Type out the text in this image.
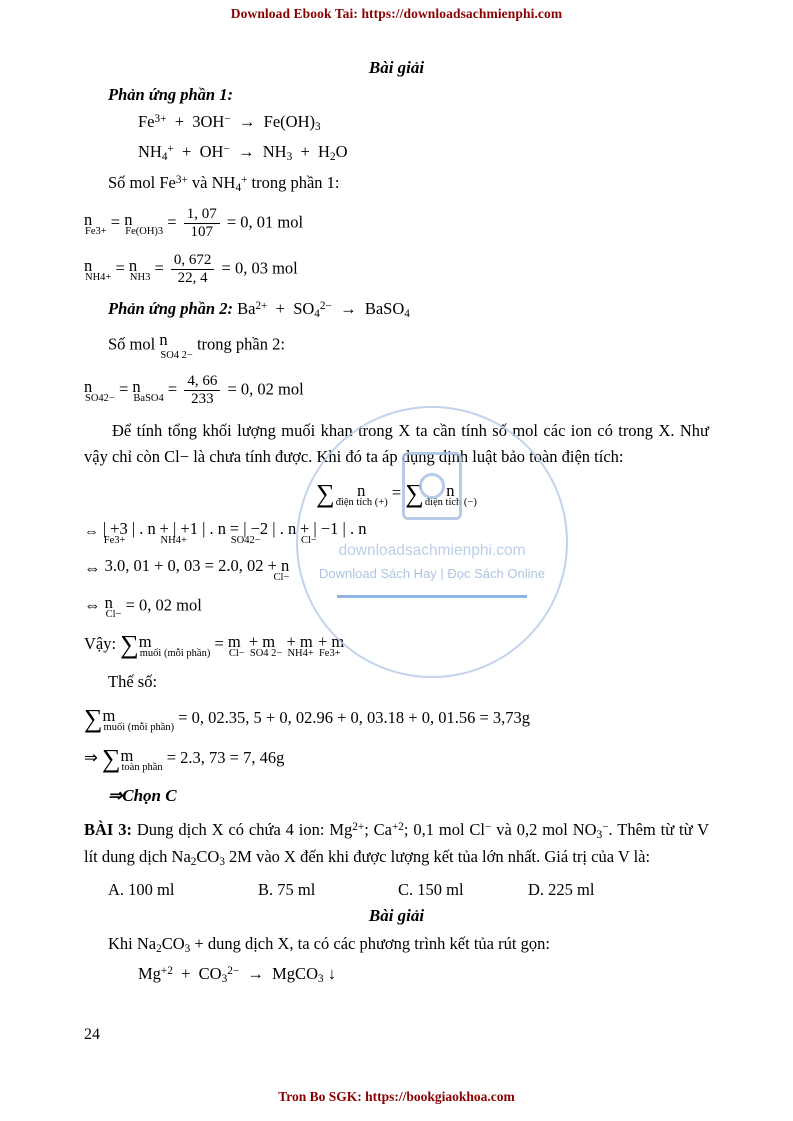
Download Ebook Tai: https://downloadsachmienphi.com
Bài giải
Phản ứng phần 1:
$Fe^{3+} + 3OH^- \to Fe(OH)_3$
$NH_4^+ + OH^- \to NH_3 + H_2O$
Số mol $Fe^{3+}$ và $NH_4^+$ trong phần 1:
n
Fe3+
= n
Fe(OH)3
= $\frac{1, 07}{107} = 0$, 01 mol
n
NH4+
= n
NH3
= $\frac{0, 672}{22, 4} = 0$, 03 mol
Phản ứng phần 2: $Ba^{2+} + SO_4^{2-}$ → BaSO$_4$
Số mol n
SO4 2−
trong phần 2:
n
SO42−
= n
BaSO4
= $\frac{4, 66}{233} = 0$, 02 mol
Để tính tổng khối lượng muối khan trong X ta cần tính số mol các ion có trong X. Như vậy chỉ còn Cl− là chưa tính được. Khi đó ta áp dụng định luật bảo toàn điện tích:
∑ n
điện tích (+)
= ∑ n
điện tích (−)
⇔ | +3 | . n
Fe3+
+ | +1 | . n
NH4+
= | −2 | . n
SO42−
+ | −1 | . n
Cl−
⇔ 3.0, 01 + 0, 03 = 2.0, 02 + n
Cl−
⇔ n
Cl−
= 0, 02 mol
Vậy: ∑m
muối (mỗi phần)
= m
Cl−
+ m
SO4 2−
+ m
NH4+
+ m
Fe3+
Thế số:
∑m
muối (mỗi phần)
= 0, 02.35, 5 + 0, 02.96 + 0, 03.18 + 0, 01.56 = 3,73g
⇒ ∑m
toàn phần
= 2.3, 73 = 7, 46g
⇒Chọn C
BÀI 3: Dung dịch X có chứa 4 ion: $Mg^{2+}$; $Ca^{+2}$; 0,1 mol Cl− và 0,2 mol $NO_3^-$. Thêm từ từ V lít dung dịch $Na_2CO_3$ 2M vào X đến khi được lượng kết tủa lớn nhất. Giá trị của V là:
A. 100 ml	B. 75 ml	C. 150 ml	D. 225 ml
Bài giải
Khi $Na_2CO_3$ + dung dịch X, ta có các phương trình kết tủa rút gọn:
$Mg^{+2} + CO_3^{2-}$ → MgCO$_3$ ↓
downloadsachmienphi.com
Download Sách Hay | Đọc Sách Online
24
Tron Bo SGK: https://bookgiaokhoa.com
